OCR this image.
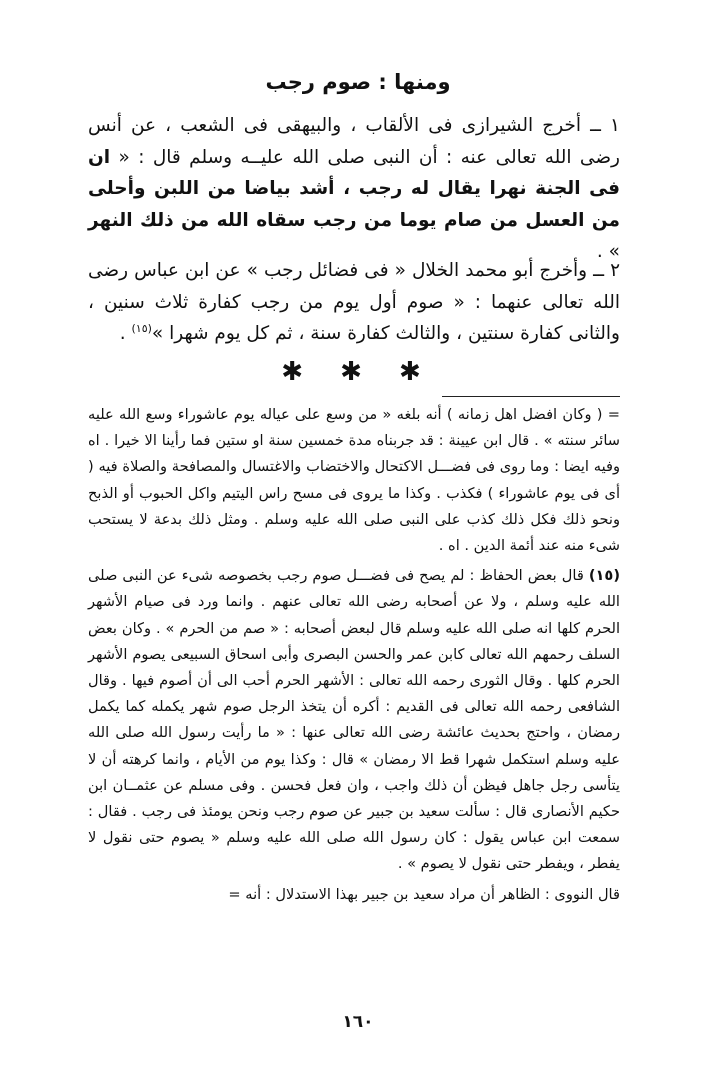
ومنها : صوم رجب

١ ــ أخرج الشيرازى فى الألقاب ، والبيهقى فى الشعب ، عن أنس رضى الله تعالى عنه : أن النبى صلى الله عليــه وسلم قال : « ان فى الجنة نهرا يقال له رجب ، أشد بياضا من اللبن وأحلى من العسل من صام يوما من رجب سقاه الله من ذلك النهر » .

٢ ــ وأخرج أبو محمد الخلال « فى فضائل رجب » عن ابن عباس رضى الله تعالى عنهما : « صوم أول يوم من رجب كفارة ثلاث سنين ، والثانى كفارة سنتين ، والثالث كفارة سنة ، ثم كل يوم شهرا »$^{(١٥)}$ .

✱ ✱ ✱

= ( وكان افضل اهل زمانه ) أنه بلغه « من وسع على عياله يوم عاشوراء وسع الله عليه سائر سنته » . قال ابن عيينة : قد جربناه مدة خمسين سنة او ستين فما رأينا الا خيرا . اه وفيه ايضا : وما روى فى فضـــل الاكتحال والاختضاب والاغتسال والمصافحة والصلاة فيه ( أى فى يوم عاشوراء ) فكذب . وكذا ما يروى فى مسح راس اليتيم واكل الحبوب أو الذبح ونحو ذلك فكل ذلك كذب على النبى صلى الله عليه وسلم . ومثل ذلك بدعة لا يستحب شىء منه عند أئمة الدين . اه .

(١٥) قال بعض الحفاظ : لم يصح فى فضـــل صوم رجب بخصوصه شىء عن النبى صلى الله عليه وسلم ، ولا عن أصحابه رضى الله تعالى عنهم . وانما ورد فى صيام الأشهر الحرم كلها انه صلى الله عليه وسلم قال لبعض أصحابه : « صم من الحرم » . وكان بعض السلف رحمهم الله تعالى كابن عمر والحسن البصرى وأبى اسحاق السبيعى يصوم الأشهر الحرم كلها . وقال الثورى رحمه الله تعالى : الأشهر الحرم أحب الى أن أصوم فيها . وقال الشافعى رحمه الله تعالى فى القديم : أكره أن يتخذ الرجل صوم شهر يكمله كما يكمل رمضان ، واحتج بحديث عائشة رضى الله تعالى عنها : « ما رأيت رسول الله صلى الله عليه وسلم استكمل شهرا قط الا رمضان » قال : وكذا يوم من الأيام ، وانما كرهته أن لا يتأسى رجل جاهل فيظن أن ذلك واجب ، وان فعل فحسن . وفى مسلم عن عثمــان ابن حكيم الأنصارى قال : سألت سعيد بن جبير عن صوم رجب ونحن يومئذ فى رجب . فقال : سمعت ابن عباس يقول : كان رسول الله صلى الله عليه وسلم « يصوم حتى نقول لا يفطر ، ويفطر حتى نقول لا يصوم » .

قال النووى : الظاهر أن مراد سعيد بن جبير بهذا الاستدلال : أنه =

١٦٠
